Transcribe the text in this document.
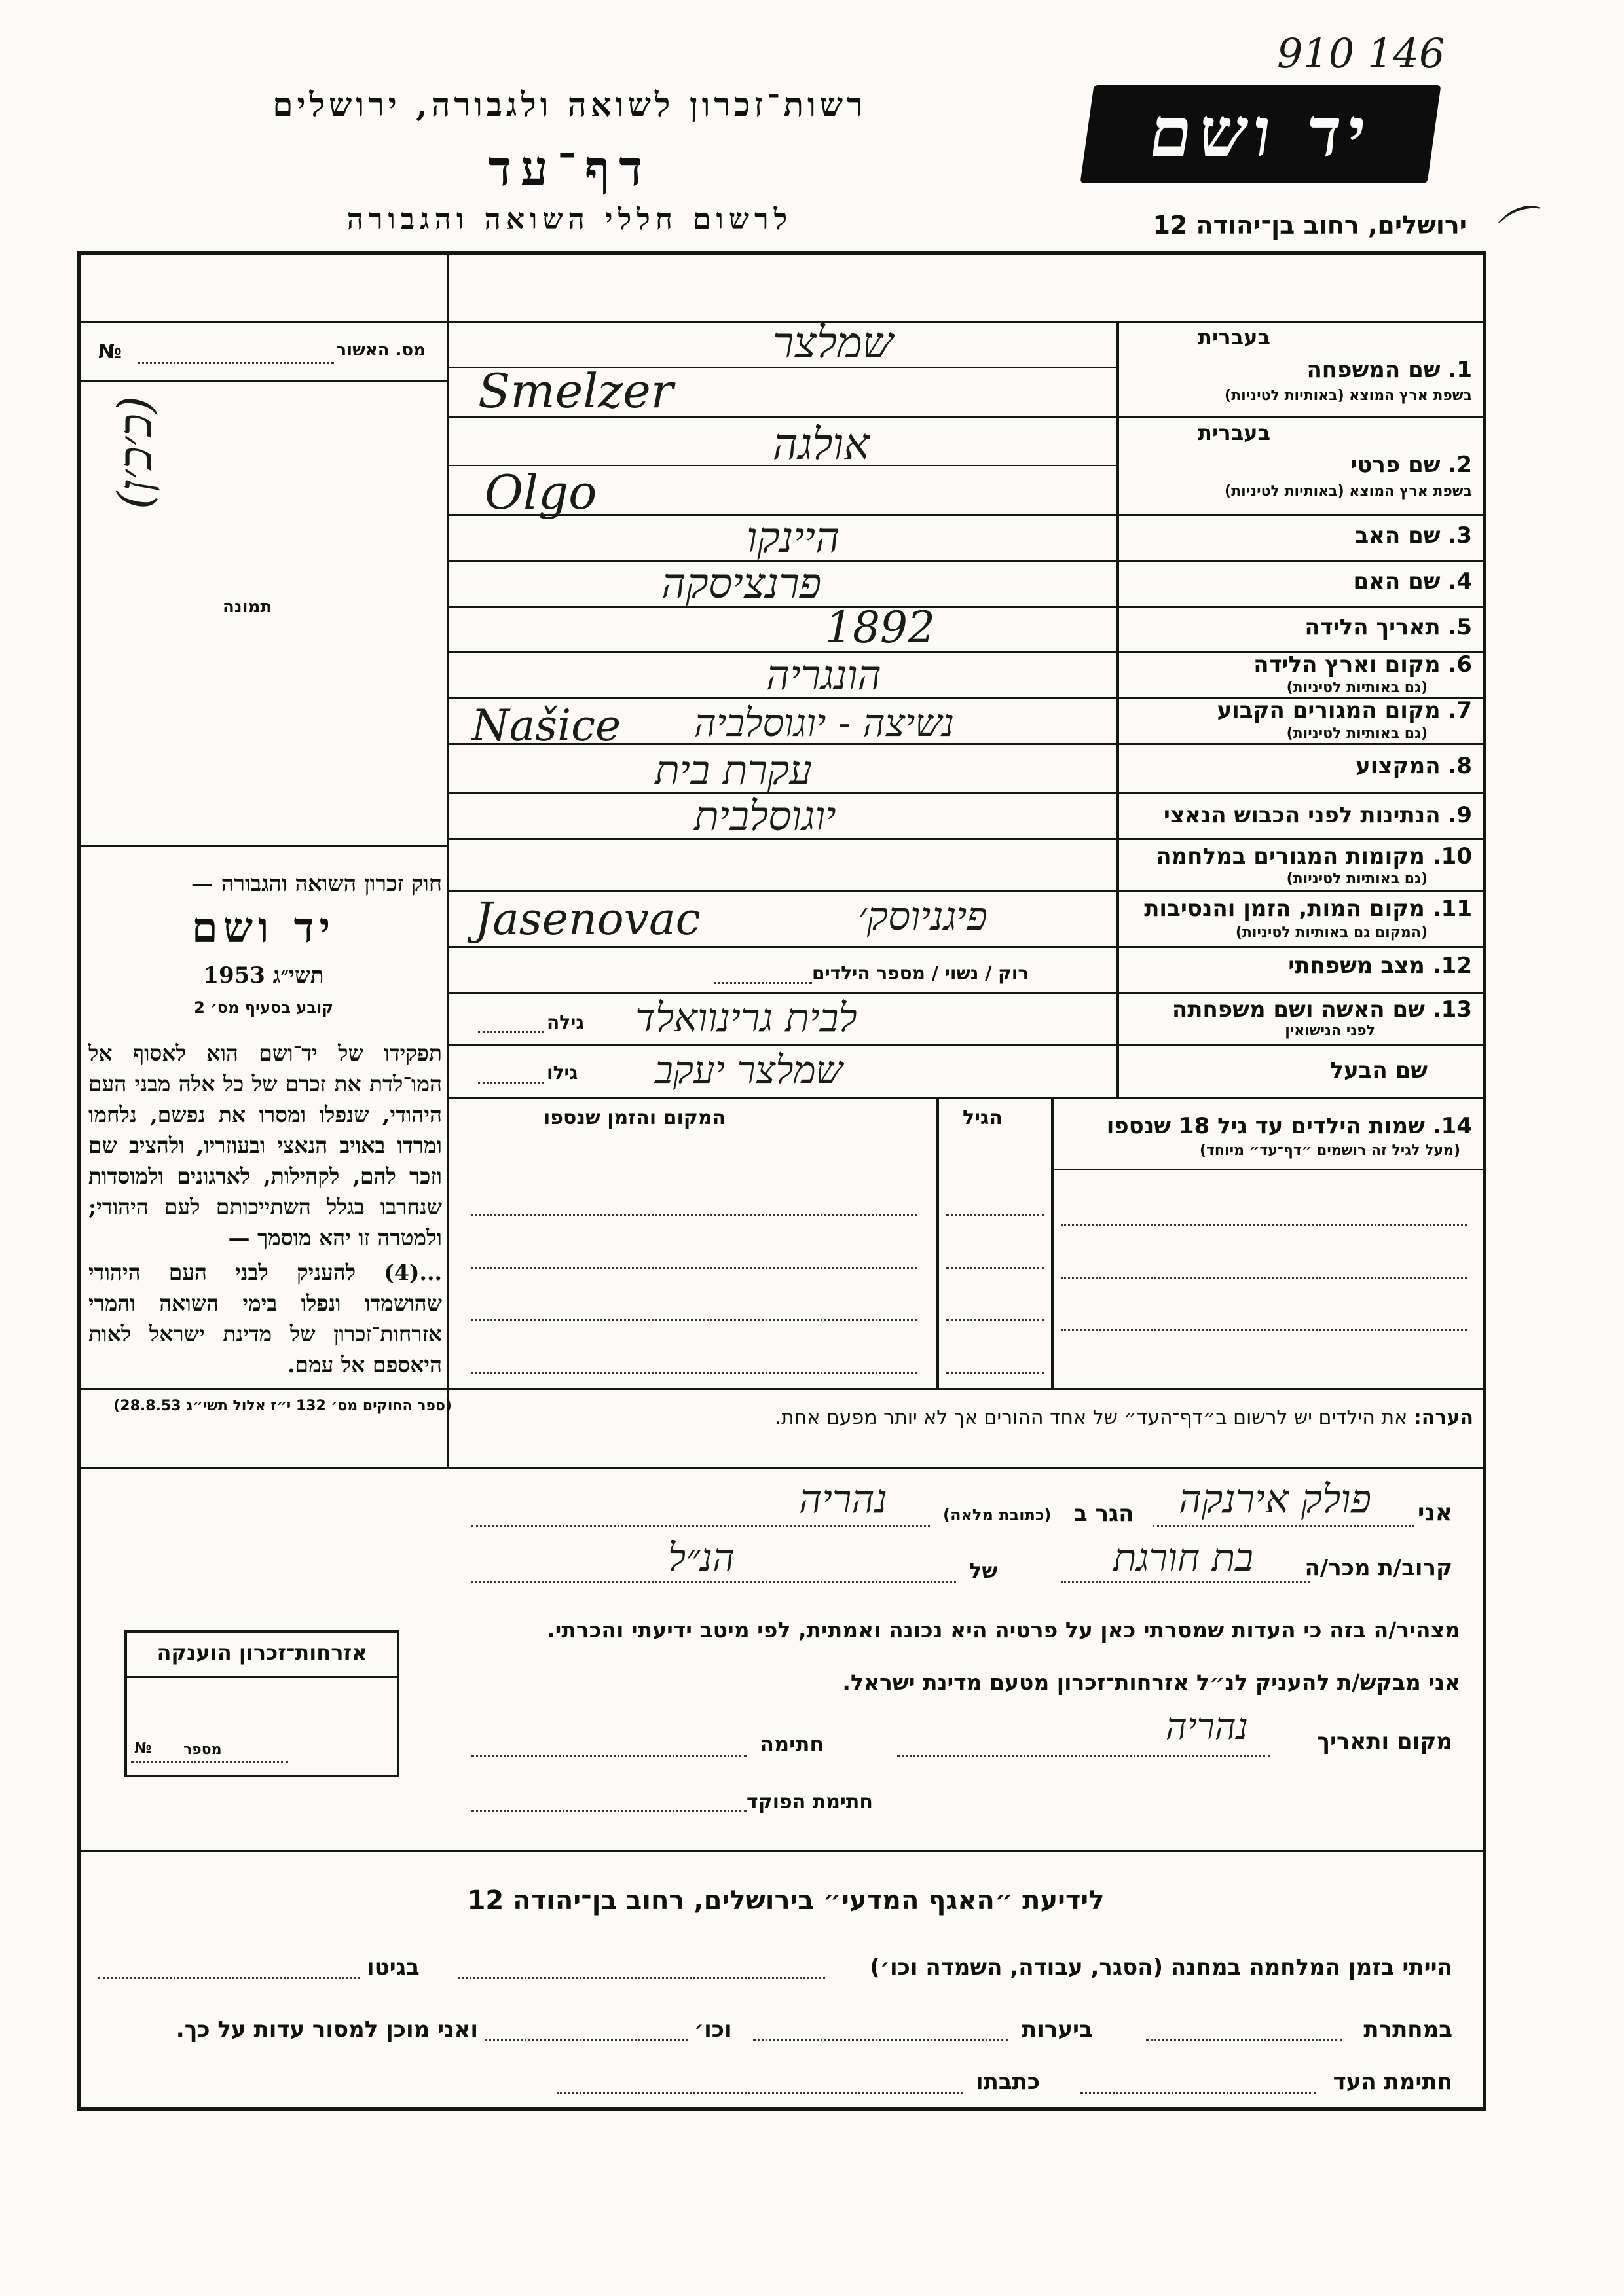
910 146
יד ושם
רשות־זכרון לשואה ולגבורה, ירושלים
דף־עד
לרשום חללי השואה והגבורה	ירושלים, רחוב בן־יהודה 12 ⌒
מס. האשור
№
(כ׳כ׳ן)
תמונה
חוק זכרון השואה והגבורה —
יד ושם
תשי״ג 1953
קובע בסעיף מס׳ 2
תפקידו של יד־ושם הוא לאסוף אל המו־לדת את זכרם של כל אלה מבני העם היהודי, שנפלו ומסרו את נפשם, נלחמו ומרדו באויב הנאצי ובעוזריו, ולהציב שם וזכר להם, לקהילות, לארגונים ולמוסדות שנחרבו בגלל השתייכותם לעם היהודי; ולמטרה זו יהא מוסמך —
...(4) להעניק לבני העם היהודי שהושמדו ונפלו בימי השואה והמרי אזרחות־זכרון של מדינת ישראל לאות היאספם אל עמם.
(ספר החוקים מס׳ 132 י״ז אלול תשי״ג 28.8.53)
בעברית
1. שם המשפחה
בשפת ארץ המוצא (באותיות לטיניות)
שמלצר
Smelzer
בעברית
2. שם פרטי
בשפת ארץ המוצא (באותיות לטיניות)
אולגה
Olgo
3. שם האב
היינקו
4. שם האם
פרנציסקה
5. תאריך הלידה
1892
6. מקום וארץ הלידה
(גם באותיות לטיניות)
הונגריה
7. מקום המגורים הקבוע
(גם באותיות לטיניות)
Našice נשיצה - יוגוסלביה
8. המקצוע
עקרת בית
9. הנתינות לפני הכבוש הנאצי
יוגוסלבית
10. מקומות המגורים במלחמה
(גם באותיות לטיניות)
11. מקום המות, הזמן והנסיבות
(המקום גם באותיות לטיניות)
Jasenovac	פיגניוסק׳
12. מצב משפחתי
רוק / נשוי / מספר הילדים
13. שם האשה ושם משפחתה
לפני הנישואין
גילה לבית גרינוואלד
שם הבעל
גילו שמלצר יעקב
14. שמות הילדים עד גיל 18 שנספו
(מעל לגיל זה רושמים ״דף־עד״ מיוחד)
הגיל
המקום והזמן שנספו
הערה: את הילדים יש לרשום ב״דף־העד״ של אחד ההורים אך לא יותר מפעם אחת.
אני
פולק אירנקה
הגר ב
(כתובת מלאה)
נהריה
קרוב/ת מכר/ה
בת חורגת
של
הנ״ל
מצהיר/ה בזה כי העדות שמסרתי כאן על פרטיה היא נכונה ואמתית, לפי מיטב ידיעתי והכרתי.
אני מבקש/ת להעניק לנ״ל אזרחות־זכרון מטעם מדינת ישראל.
מקום ותאריך
נהריה
חתימה
חתימת הפוקד
אזרחות־זכרון הוענקה
מספר
№
לידיעת ״האגף המדעי״ בירושלים, רחוב בן־יהודה 12
הייתי בזמן המלחמה במחנה (הסגר, עבודה, השמדה וכו׳)
בגיטו
במחתרת
ביערות
וכו׳
ואני מוכן למסור עדות על כך.
חתימת העד
כתבתו
